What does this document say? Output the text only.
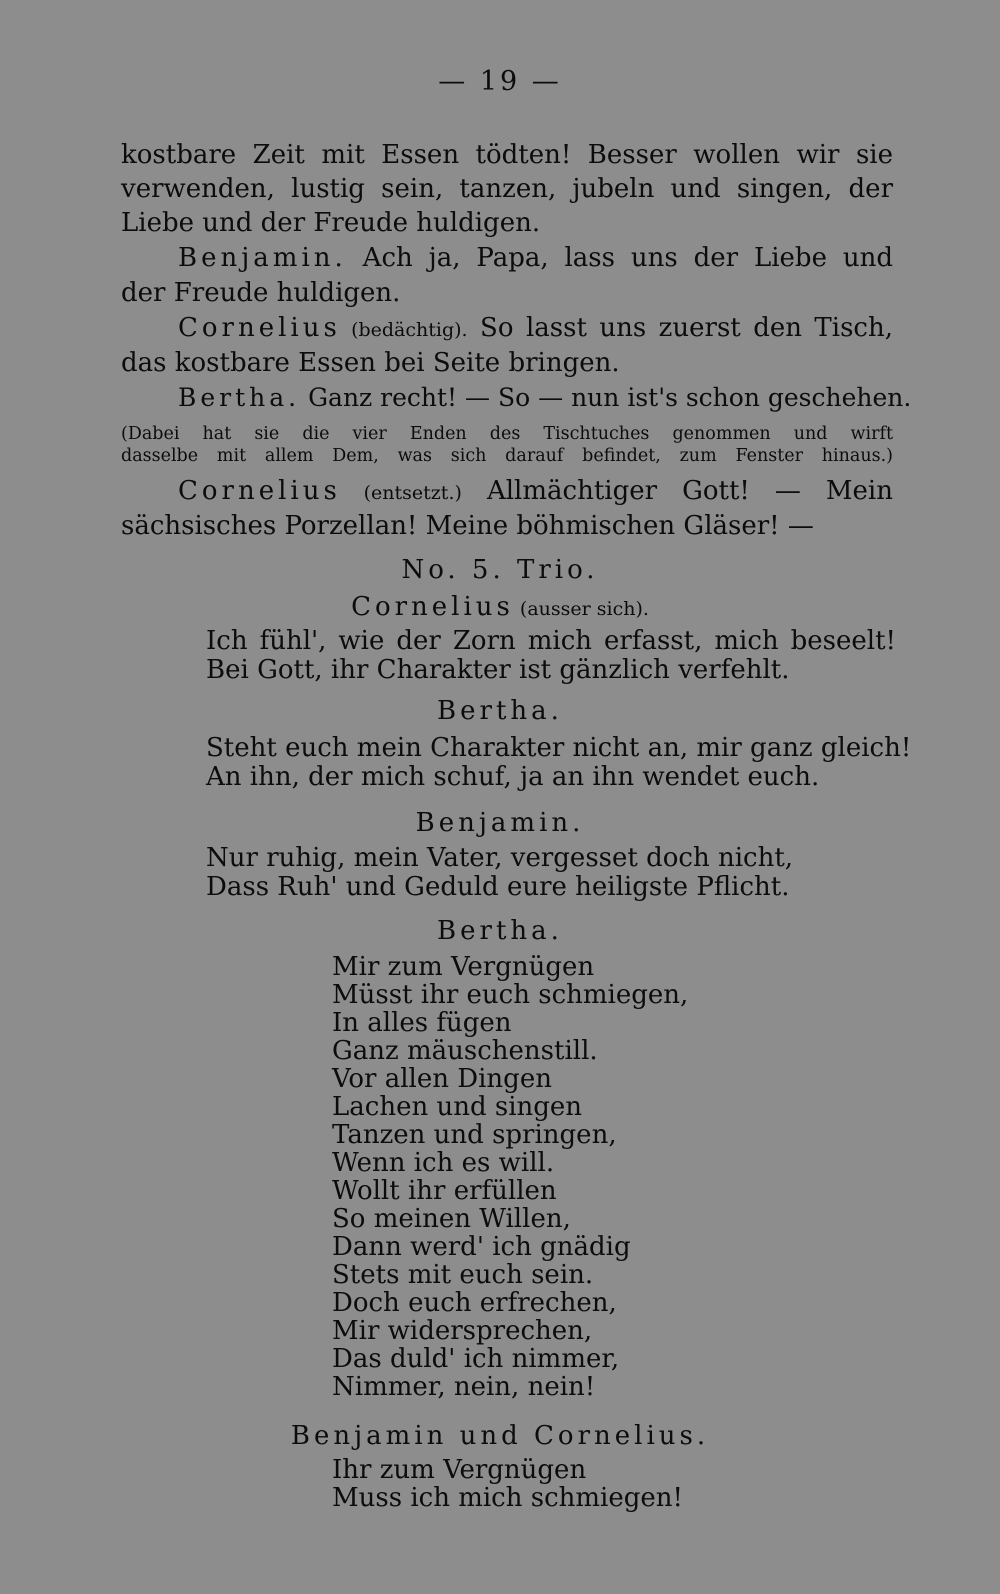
— 19 —
kostbare Zeit mit Essen tödten! Besser wollen wir sie
verwenden, lustig sein, tanzen, jubeln und singen, der
Liebe und der Freude huldigen.
Benjamin. Ach ja, Papa, lass uns der Liebe und
der Freude huldigen.
Cornelius (bedächtig). So lasst uns zuerst den Tisch,
das kostbare Essen bei Seite bringen.
Bertha. Ganz recht! — So — nun ist's schon geschehen.
(Dabei hat sie die vier Enden des Tischtuches genommen und wirft
dasselbe mit allem Dem, was sich darauf befindet, zum Fenster hinaus.)
Cornelius (entsetzt.) Allmächtiger Gott! — Mein
sächsisches Porzellan! Meine böhmischen Gläser! —
No. 5. Trio.
Cornelius (ausser sich).
Ich fühl', wie der Zorn mich erfasst, mich beseelt!
Bei Gott, ihr Charakter ist gänzlich verfehlt.
Bertha.
Steht euch mein Charakter nicht an, mir ganz gleich!
An ihn, der mich schuf, ja an ihn wendet euch.
Benjamin.
Nur ruhig, mein Vater, vergesset doch nicht,
Dass Ruh' und Geduld eure heiligste Pflicht.
Bertha.
Mir zum Vergnügen
Müsst ihr euch schmiegen,
In alles fügen
Ganz mäuschenstill.
Vor allen Dingen
Lachen und singen
Tanzen und springen,
Wenn ich es will.
Wollt ihr erfüllen
So meinen Willen,
Dann werd' ich gnädig
Stets mit euch sein.
Doch euch erfrechen,
Mir widersprechen,
Das duld' ich nimmer,
Nimmer, nein, nein!
Benjamin und Cornelius.
Ihr zum Vergnügen
Muss ich mich schmiegen!
